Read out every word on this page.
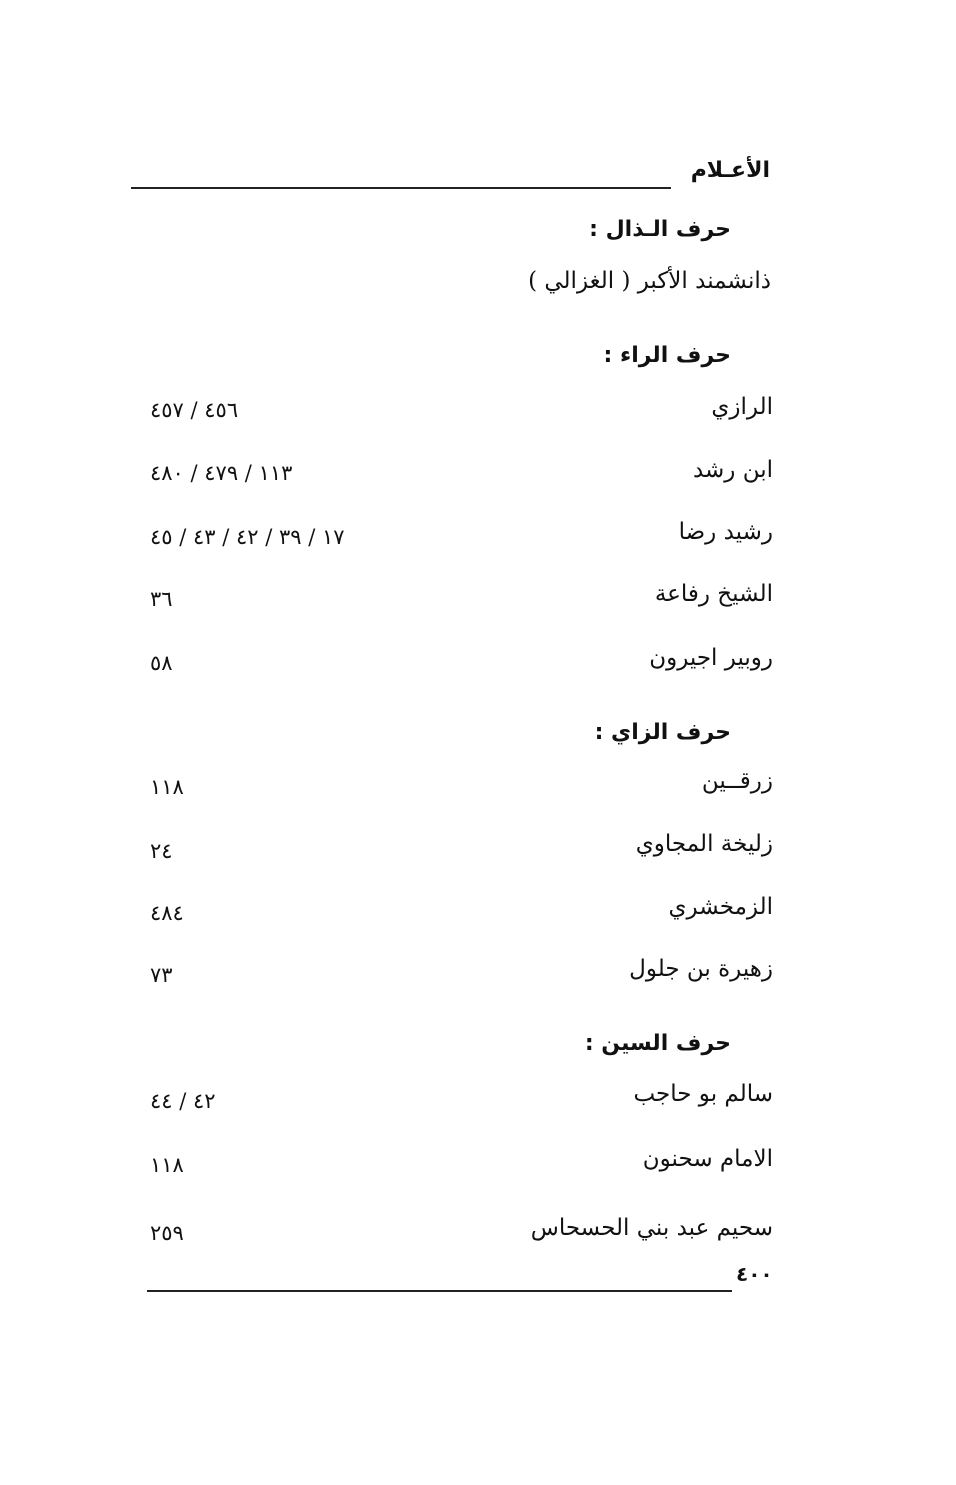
الأعـلام
حرف الـذال :
ذانشمند الأكبر ( الغزالي )
حرف الراء :
الرازي
٤٥٦ / ٤٥٧
ابن رشد
١١٣ / ٤٧٩ / ٤٨٠
رشيد رضا
١٧ / ٣٩ / ٤٢ / ٤٣ / ٤٥
الشيخ رفاعة
٣٦
روبير اجيرون
٥٨
حرف الزاي :
زرقــين
١١٨
زليخة المجاوي
٢٤
الزمخشري
٤٨٤
زهيرة بن جلول
٧٣
حرف السين :
سالم بو حاجب
٤٢ / ٤٤
الامام سحنون
١١٨
سحيم عبد بني الحسحاس
٢٥٩
٤٠٠
